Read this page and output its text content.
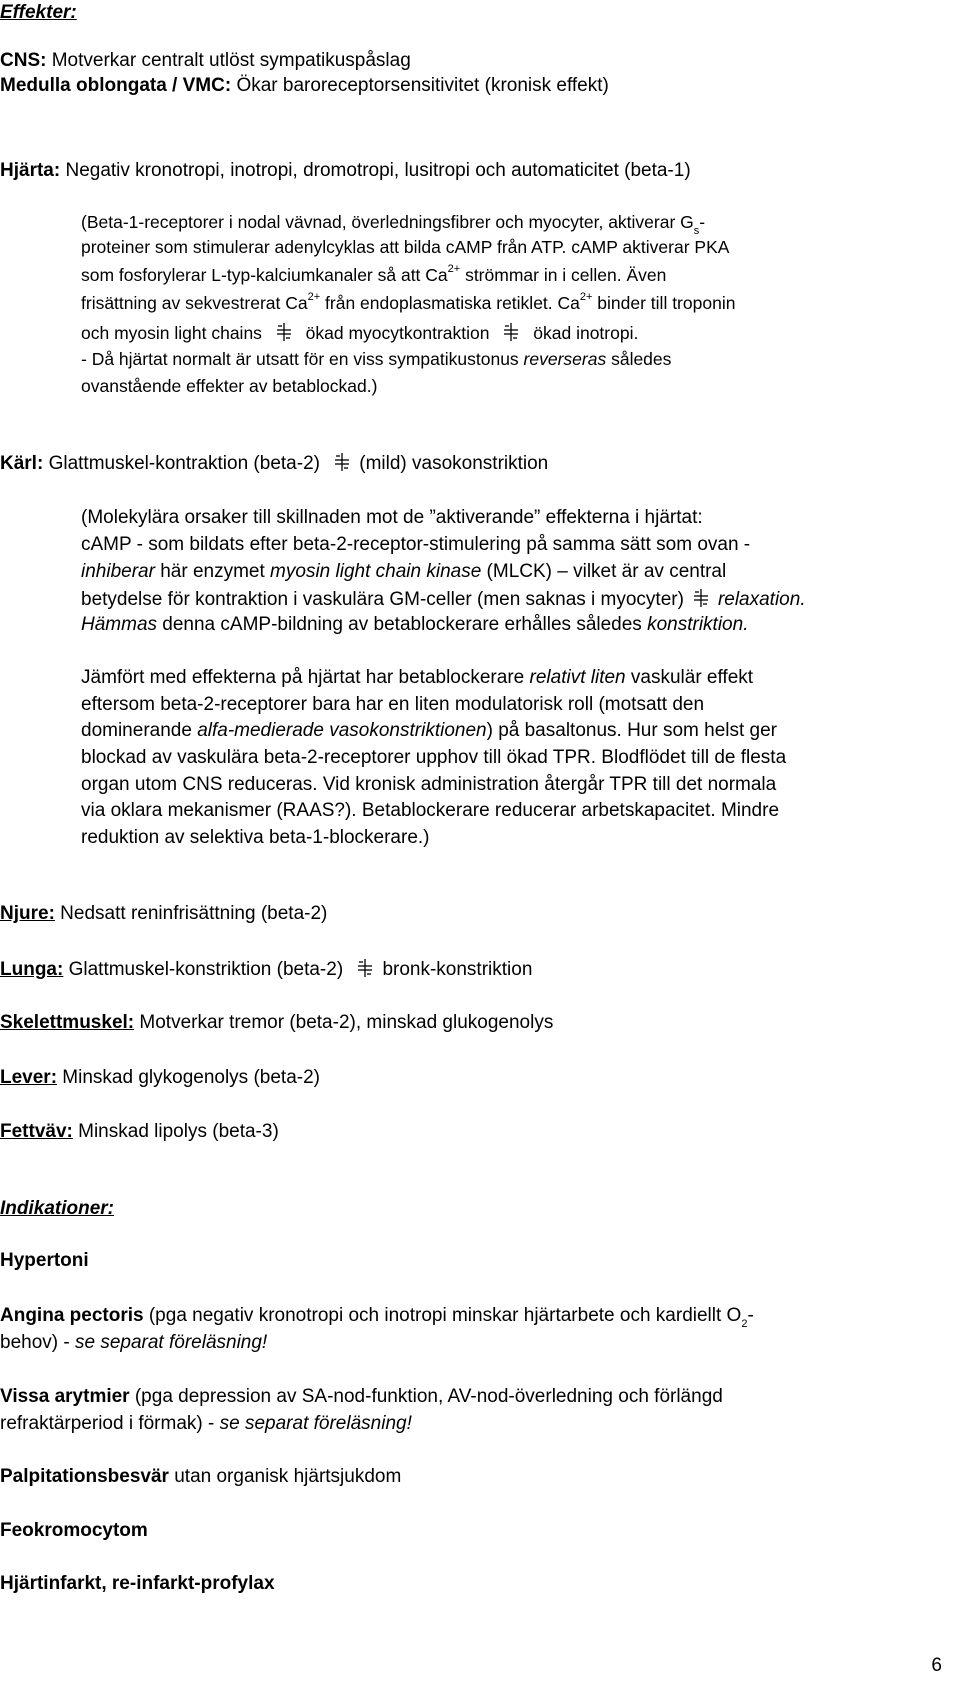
Effekter:
CNS: Motverkar centralt utlöst sympatikuspåslag
Medulla oblongata / VMC: Ökar baroreceptorsensitivitet (kronisk effekt)
Hjärta: Negativ kronotropi, inotropi, dromotropi, lusitropi och automaticitet (beta-1)
(Beta-1-receptorer i nodal vävnad, överledningsfibrer och myocyter, aktiverar $G_s-$
proteiner som stimulerar adenylcyklas att bilda cAMP från ATP. cAMP aktiverar PKA
som fosforylerar L-typ-kalciumkanaler så att $Ca^{2+}$ strömmar in i cellen. Även
frisättning av sekvestrerat $Ca^{2+}$ från endoplasmatiska retiklet. $Ca^{2+}$ binder till troponin
och myosin light chains	ökad myocytkontraktion	ökad inotropi.
- Då hjärtat normalt är utsatt för en viss sympatikustonus reverseras således
ovanstående effekter av betablockad.)
Kärl: Glattmuskel-kontraktion (beta-2) (mild) vasokonstriktion
(Molekylära orsaker till skillnaden mot de ”aktiverande” effekterna i hjärtat:
cAMP - som bildats efter beta-2-receptor-stimulering på samma sätt som ovan -
inhiberar här enzymet myosin light chain kinase (MLCK) – vilket är av central
betydelse för kontraktion i vaskulära GM-celler (men saknas i myocyter) relaxation.
Hämmas denna cAMP-bildning av betablockerare erhålles således konstriktion.
Jämfört med effekterna på hjärtat har betablockerare relativt liten vaskulär effekt
eftersom beta-2-receptorer bara har en liten modulatorisk roll (motsatt den
dominerande alfa-medierade vasokonstriktionen) på basaltonus. Hur som helst ger
blockad av vaskulära beta-2-receptorer upphov till ökad TPR. Blodflödet till de flesta
organ utom CNS reduceras. Vid kronisk administration återgår TPR till det normala
via oklara mekanismer (RAAS?). Betablockerare reducerar arbetskapacitet. Mindre
reduktion av selektiva beta-1-blockerare.)
Njure: Nedsatt reninfrisättning (beta-2)
Lunga: Glattmuskel-konstriktion (beta-2) bronk-konstriktion
Skelettmuskel: Motverkar tremor (beta-2), minskad glukogenolys
Lever: Minskad glykogenolys (beta-2)
Fettväv: Minskad lipolys (beta-3)
Indikationer:
Hypertoni
Angina pectoris (pga negativ kronotropi och inotropi minskar hjärtarbete och kardiellt $O_2-$
behov) - se separat föreläsning!
Vissa arytmier (pga depression av SA-nod-funktion, AV-nod-överledning och förlängd
refraktärperiod i förmak) - se separat föreläsning!
Palpitationsbesvär utan organisk hjärtsjukdom
Feokromocytom
Hjärtinfarkt, re-infarkt-profylax
6
